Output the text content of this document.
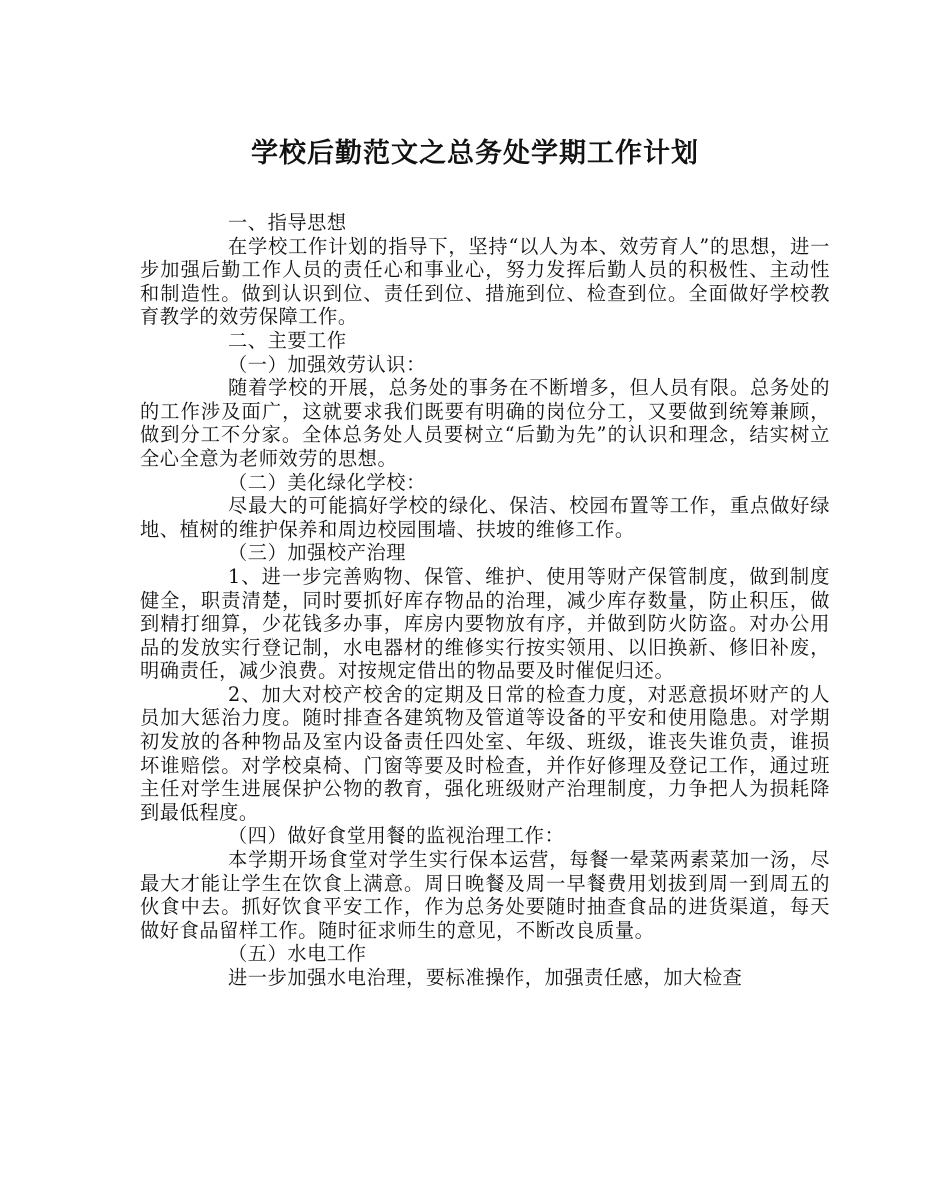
学校后勤范文之总务处学期工作计划

一、指导思想

在学校工作计划的指导下，坚持“以人为本、效劳育人”的思想，进一步加强后勤工作人员的责任心和事业心，努力发挥后勤人员的积极性、主动性和制造性。做到认识到位、责任到位、措施到位、检查到位。全面做好学校教育教学的效劳保障工作。

二、主要工作

（一）加强效劳认识：

随着学校的开展，总务处的事务在不断增多，但人员有限。总务处的的工作涉及面广，这就要求我们既要有明确的岗位分工，又要做到统筹兼顾，做到分工不分家。全体总务处人员要树立“后勤为先”的认识和理念，结实树立全心全意为老师效劳的思想。

（二）美化绿化学校：

尽最大的可能搞好学校的绿化、保洁、校园布置等工作，重点做好绿地、植树的维护保养和周边校园围墙、扶坡的维修工作。

（三）加强校产治理

1、进一步完善购物、保管、维护、使用等财产保管制度，做到制度健全，职责清楚，同时要抓好库存物品的治理，减少库存数量，防止积压，做到精打细算，少花钱多办事，库房内要物放有序，并做到防火防盗。对办公用品的发放实行登记制，水电器材的维修实行按实领用、以旧换新、修旧补废，明确责任，减少浪费。对按规定借出的物品要及时催促归还。

2、加大对校产校舍的定期及日常的检查力度，对恶意损坏财产的人员加大惩治力度。随时排查各建筑物及管道等设备的平安和使用隐患。对学期初发放的各种物品及室内设备责任四处室、年级、班级，谁丧失谁负责，谁损坏谁赔偿。对学校桌椅、门窗等要及时检查，并作好修理及登记工作，通过班主任对学生进展保护公物的教育，强化班级财产治理制度，力争把人为损耗降到最低程度。

（四）做好食堂用餐的监视治理工作：

本学期开场食堂对学生实行保本运营，每餐一晕菜两素菜加一汤，尽最大才能让学生在饮食上满意。周日晚餐及周一早餐费用划拔到周一到周五的伙食中去。抓好饮食平安工作，作为总务处要随时抽查食品的进货渠道，每天做好食品留样工作。随时征求师生的意见，不断改良质量。

（五）水电工作

进一步加强水电治理，要标准操作，加强责任感，加大检查
